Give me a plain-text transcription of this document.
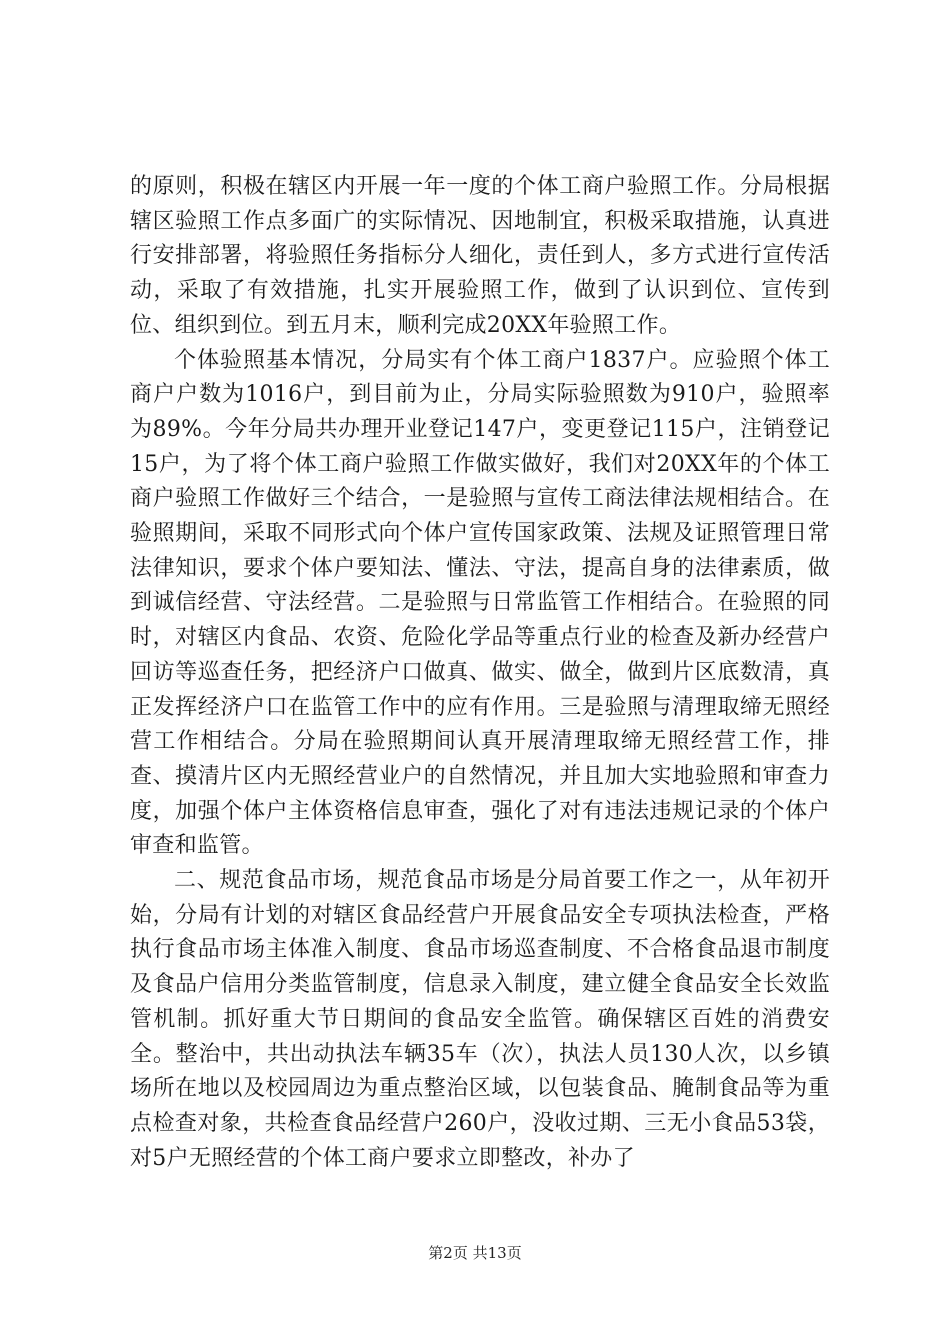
的原则，积极在辖区内开展一年一度的个体工商户验照工作。分局根据辖区验照工作点多面广的实际情况、因地制宜，积极采取措施，认真进行安排部署，将验照任务指标分人细化，责任到人，多方式进行宣传活动，采取了有效措施，扎实开展验照工作，做到了认识到位、宣传到位、组织到位。到五月末，顺利完成20XX年验照工作。

个体验照基本情况，分局实有个体工商户1837户。应验照个体工商户户数为1016户，到目前为止，分局实际验照数为910户，验照率为89%。今年分局共办理开业登记147户，变更登记115户，注销登记15户，为了将个体工商户验照工作做实做好，我们对20XX年的个体工商户验照工作做好三个结合，一是验照与宣传工商法律法规相结合。在验照期间，采取不同形式向个体户宣传国家政策、法规及证照管理日常法律知识，要求个体户要知法、懂法、守法，提高自身的法律素质，做到诚信经营、守法经营。二是验照与日常监管工作相结合。在验照的同时，对辖区内食品、农资、危险化学品等重点行业的检查及新办经营户回访等巡查任务，把经济户口做真、做实、做全，做到片区底数清，真正发挥经济户口在监管工作中的应有作用。三是验照与清理取缔无照经营工作相结合。分局在验照期间认真开展清理取缔无照经营工作，排查、摸清片区内无照经营业户的自然情况，并且加大实地验照和审查力度，加强个体户主体资格信息审查，强化了对有违法违规记录的个体户审查和监管。

二、规范食品市场，规范食品市场是分局首要工作之一，从年初开始，分局有计划的对辖区食品经营户开展食品安全专项执法检查，严格执行食品市场主体准入制度、食品市场巡查制度、不合格食品退市制度及食品户信用分类监管制度，信息录入制度，建立健全食品安全长效监管机制。抓好重大节日期间的食品安全监管。确保辖区百姓的消费安全。整治中，共出动执法车辆35车（次），执法人员130人次，以乡镇场所在地以及校园周边为重点整治区域，以包装食品、腌制食品等为重点检查对象，共检查食品经营户260户，没收过期、三无小食品53袋，对5户无照经营的个体工商户要求立即整改，补办了

第2页 共13页
